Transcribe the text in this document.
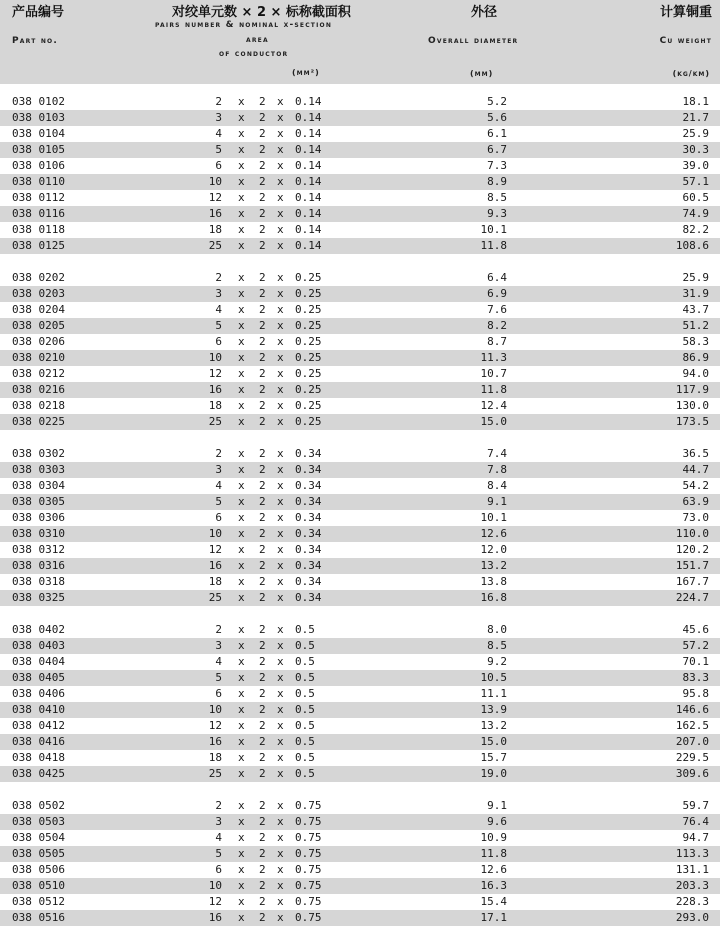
产品编号
Part no.
对绞单元数 × 2 × 标称截面积
pairs number & nominal x-section
area
of conductor
(mm²)
外径
Overall diameter
(mm)
计算铜重
Cu weight
(kg/km)
038 0102	2 x 2 x 0.14	5.2	18.1
038 0103	3 x 2 x 0.14	5.6	21.7
038 0104	4 x 2 x 0.14	6.1	25.9
038 0105	5 x 2 x 0.14	6.7	30.3
038 0106	6 x 2 x 0.14	7.3	39.0
038 0110	10 x 2 x 0.14	8.9	57.1
038 0112	12 x 2 x 0.14	8.5	60.5
038 0116	16 x 2 x 0.14	9.3	74.9
038 0118	18 x 2 x 0.14	10.1	82.2
038 0125	25 x 2 x 0.14	11.8	108.6
038 0202	2 x 2 x 0.25	6.4	25.9
038 0203	3 x 2 x 0.25	6.9	31.9
038 0204	4 x 2 x 0.25	7.6	43.7
038 0205	5 x 2 x 0.25	8.2	51.2
038 0206	6 x 2 x 0.25	8.7	58.3
038 0210	10 x 2 x 0.25	11.3	86.9
038 0212	12 x 2 x 0.25	10.7	94.0
038 0216	16 x 2 x 0.25	11.8	117.9
038 0218	18 x 2 x 0.25	12.4	130.0
038 0225	25 x 2 x 0.25	15.0	173.5
038 0302	2 x 2 x 0.34	7.4	36.5
038 0303	3 x 2 x 0.34	7.8	44.7
038 0304	4 x 2 x 0.34	8.4	54.2
038 0305	5 x 2 x 0.34	9.1	63.9
038 0306	6 x 2 x 0.34	10.1	73.0
038 0310	10 x 2 x 0.34	12.6	110.0
038 0312	12 x 2 x 0.34	12.0	120.2
038 0316	16 x 2 x 0.34	13.2	151.7
038 0318	18 x 2 x 0.34	13.8	167.7
038 0325	25 x 2 x 0.34	16.8	224.7
038 0402	2 x 2 x 0.5	8.0	45.6
038 0403	3 x 2 x 0.5	8.5	57.2
038 0404	4 x 2 x 0.5	9.2	70.1
038 0405	5 x 2 x 0.5	10.5	83.3
038 0406	6 x 2 x 0.5	11.1	95.8
038 0410	10 x 2 x 0.5	13.9	146.6
038 0412	12 x 2 x 0.5	13.2	162.5
038 0416	16 x 2 x 0.5	15.0	207.0
038 0418	18 x 2 x 0.5	15.7	229.5
038 0425	25 x 2 x 0.5	19.0	309.6
038 0502	2 x 2 x 0.75	9.1	59.7
038 0503	3 x 2 x 0.75	9.6	76.4
038 0504	4 x 2 x 0.75	10.9	94.7
038 0505	5 x 2 x 0.75	11.8	113.3
038 0506	6 x 2 x 0.75	12.6	131.1
038 0510	10 x 2 x 0.75	16.3	203.3
038 0512	12 x 2 x 0.75	15.4	228.3
038 0516	16 x 2 x 0.75	17.1	293.0
